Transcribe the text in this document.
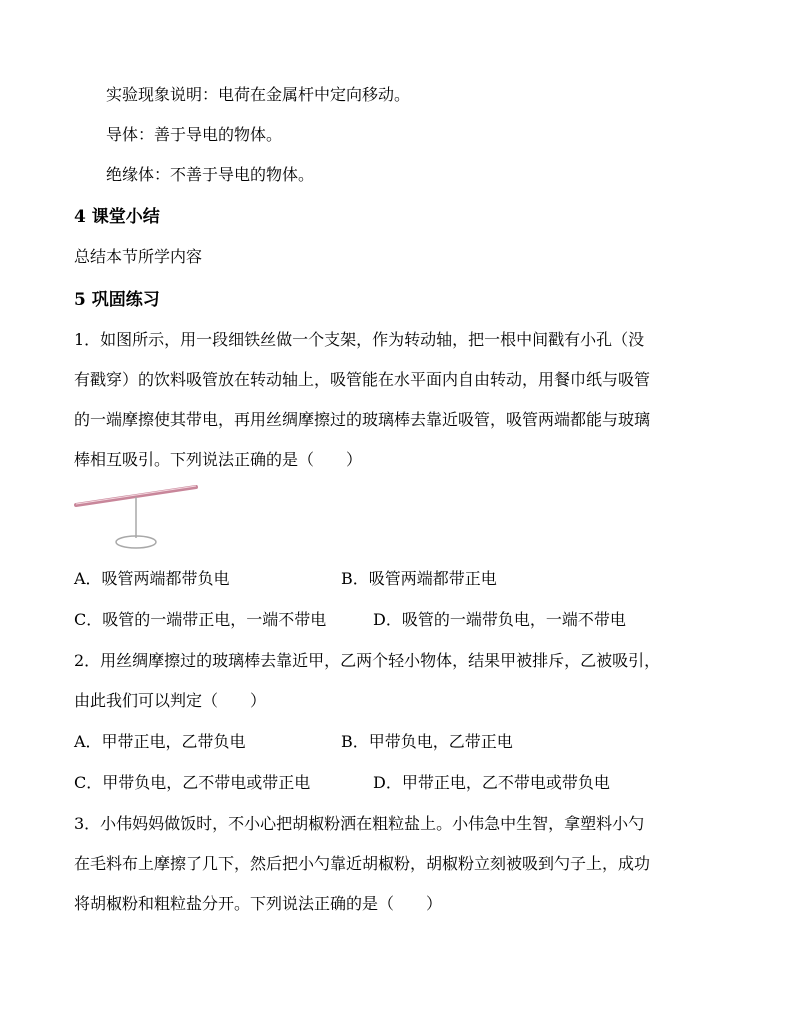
实验现象说明：电荷在金属杆中定向移动。
导体：善于导电的物体。
绝缘体：不善于导电的物体。
4 课堂小结
总结本节所学内容
5 巩固练习
1．如图所示，用一段细铁丝做一个支架，作为转动轴，把一根中间戳有小孔（没
有戳穿）的饮料吸管放在转动轴上，吸管能在水平面内自由转动，用餐巾纸与吸管
的一端摩擦使其带电，再用丝绸摩擦过的玻璃棒去靠近吸管，吸管两端都能与玻璃
棒相互吸引。下列说法正确的是（　　）
A．吸管两端都带负电	B．吸管两端都带正电
C．吸管的一端带正电，一端不带电	D．吸管的一端带负电，一端不带电
2．用丝绸摩擦过的玻璃棒去靠近甲，乙两个轻小物体，结果甲被排斥，乙被吸引，
由此我们可以判定（　　）
A．甲带正电，乙带负电	B．甲带负电，乙带正电
C．甲带负电，乙不带电或带正电	D．甲带正电，乙不带电或带负电
3．小伟妈妈做饭时，不小心把胡椒粉洒在粗粒盐上。小伟急中生智，拿塑料小勺
在毛料布上摩擦了几下，然后把小勺靠近胡椒粉，胡椒粉立刻被吸到勺子上，成功
将胡椒粉和粗粒盐分开。下列说法正确的是（　　）
